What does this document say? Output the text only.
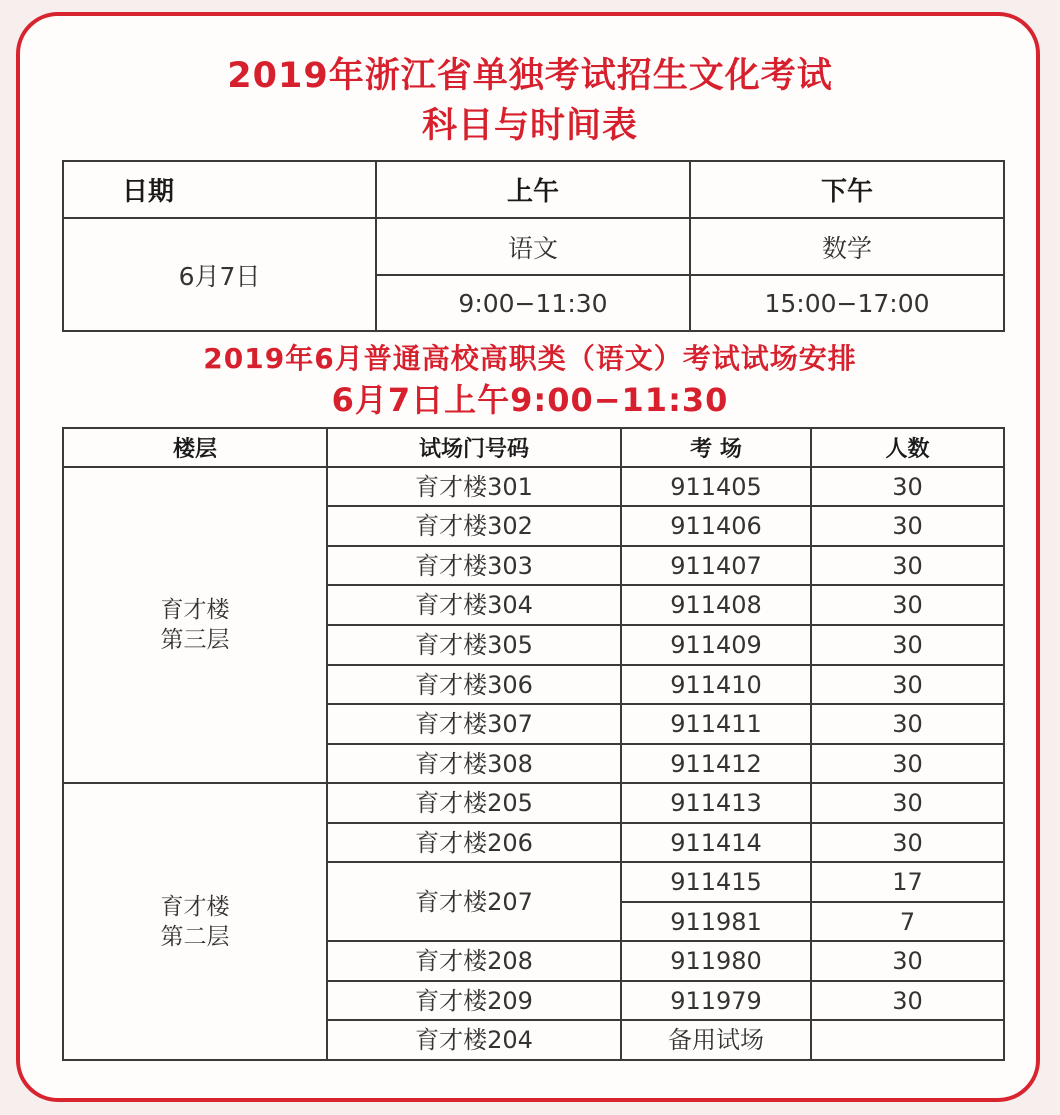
2019年浙江省单独考试招生文化考试
科目与时间表
日期	上午	下午
6月7日	语文	数学
	9:00−11:30	15:00−17:00
2019年6月普通高校高职类（语文）考试试场安排
6月7日上午9:00−11:30
楼层	试场门号码	考 场	人数

育才楼
第三层	育才楼301	911405	30
	育才楼302	911406	30
	育才楼303	911407	30
	育才楼304	911408	30
	育才楼305	911409	30
	育才楼306	911410	30
	育才楼307	911411	30
	育才楼308	911412	30

育才楼
第二层	育才楼205	911413	30
	育才楼206	911414	30
	育才楼207	911415	17
		911981	7
	育才楼208	911980	30
	育才楼209	911979	30
	育才楼204	备用试场	
